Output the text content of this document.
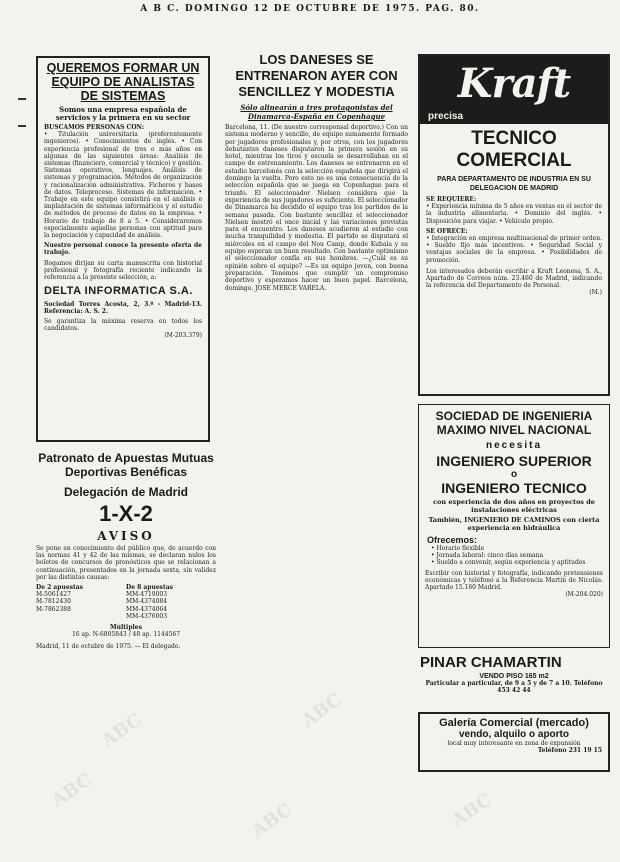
A B C. DOMINGO 12 DE OCTUBRE DE 1975. PAG. 80.
QUEREMOS FORMAR UN EQUIPO DE ANALISTAS DE SISTEMAS
Somos una empresa española de servicios y la primera en su sector
BUSCAMOS PERSONAS CON:
• Titulación universitaria (preferentemente ingenieros). • Conocimientos de inglés. • Con experiencia profesional de tres o más años en algunas de las siguientes áreas: Análisis de sistemas (financiero, comercial y técnico) y gestión. Sistemas operativos, lenguajes. Análisis de sistemas y programación. Métodos de organización y racionalización administrativa. Ficheros y bases de datos. Teleproceso. Sistemas de información. • Trabajo en este equipo consistirá en el análisis e implantación de sistemas informáticos y el estudio de métodos de proceso de datos en la empresa. • Horario de trabajo de 8 a 5. • Consideraremos especialmente aquellas personas con aptitud para la negociación y capacidad de análisis.
Nuestro personal conoce la presente oferta de trabajo.
Rogamos dirijan su carta manuscrita con historial profesional y fotografía reciente indicando la referencia a la presente selección, a:
DELTA INFORMATICA S.A.
Sociedad Torres Acosta, 2, 3.º - Madrid-13. Referencia: A. S. 2.
Se garantiza la máxima reserva en todos los candidatos.
(M-203.379)
Patronato de Apuestas Mutuas Deportivas Benéficas
Delegación de Madrid
1-X-2
AVISO
Se pone en conocimiento del público que, de acuerdo con las normas 41 y 42 de las mismas, se declaran nulos los boletos de concursos de pronósticos que se relacionan a continuación, presentados en la jornada sexta, sin validez por las distintas causas:
De 2 apuestas
M-5061427
M-7812430
M-7862388
De 8 apuestas
MM-4719003
MM-4374084
MM-4374064
MM-4376003
Múltiples
16 ap. N-6805843 / 48 ap. 1144567
Madrid, 11 de octubre de 1975. — El delegado.
LOS DANESES SE ENTRENARON AYER CON SENCILLEZ Y MODESTIA
Sólo alinearán a tres protagonistas del Dinamarca-España en Copenhague
Barcelona, 11. (De nuestro corresponsal deportivo.) Con un sistema moderno y sencillo, de equipo sumamente formado por jugadores profesionales y, por otros, con los jugadores debutantes daneses disputaron la primera sesión en su hotel, mientras los tiros y escuela se desarrollaban en el campo de entrenamiento. Los daneses se entrenaron en el estadio barcelonés con la selección española que dirigirá el domingo la vuelta. Pero esto no es una consecuencia de la selección española que se juega en Copenhague para el triunfo. El seleccionador Nielsen considera que la experiencia de sus jugadores es suficiente. El seleccionador de Dinamarca ha decidido el equipo tras los partidos de la semana pasada. Con bastante sencillez el seleccionador Nielsen mostró el once inicial y las variaciones previstas para el encuentro. Los daneses acudieron al estadio con mucha tranquilidad y modestia. El partido se disputará el miércoles en el campo del Nou Camp, donde Kubala y su equipo esperan un buen resultado. Con bastante optimismo el seleccionador confía en sus hombres. —¿Cuál es su opinión sobre el equipo? —Es un equipo joven, con buena preparación. Tenemos que cumplir un compromiso deportivo y esperamos hacer un buen papel. Barcelona, domingo. JOSE MERCE VARELA.
Kraft
precisa
TECNICO
COMERCIAL
PARA DEPARTAMENTO DE INDUSTRIA EN SU DELEGACION DE MADRID
SE REQUIERE:
• Experiencia mínima de 5 años en ventas en el sector de la industria alimentaria. • Dominio del inglés. • Disposición para viajar. • Vehículo propio.
SE OFRECE:
• Integración en empresa multinacional de primer orden. • Sueldo fijo más incentivos. • Seguridad Social y ventajas sociales de la empresa. • Posibilidades de promoción.
Los interesados deberán escribir a Kraft Leonesa, S. A., Apartado de Correos núm. 23.460 de Madrid, indicando la referencia del Departamento de Personal.
(M.)
SOCIEDAD DE INGENIERIA
MAXIMO NIVEL NACIONAL
necesita
INGENIERO SUPERIOR
o
INGENIERO TECNICO
con experiencia de dos años en proyectos de instalaciones eléctricas
También, INGENIERO DE CAMINOS con cierta experiencia en hidráulica
Ofrecemos:
• Horario flexible
• Jornada laboral: cinco días semana
• Sueldo a convenir, según experiencia y aptitudes
Escribir con historial y fotografía, indicando pretensiones económicas y teléfono a la Referencia Martín de Nicolás. Apartado 15.160 Madrid.
(M-204.020)
PINAR CHAMARTIN
VENDO PISO 165 m2
Particular a particular, de 9 a 5 y de 7 a 10. Teléfono 453 42 44
Galería Comercial (mercado)
vendo, alquilo o aporto
local muy interesante en zona de expansión
Teléfono 231 19 15
ABC
ABC	ABC
ABC	ABC
